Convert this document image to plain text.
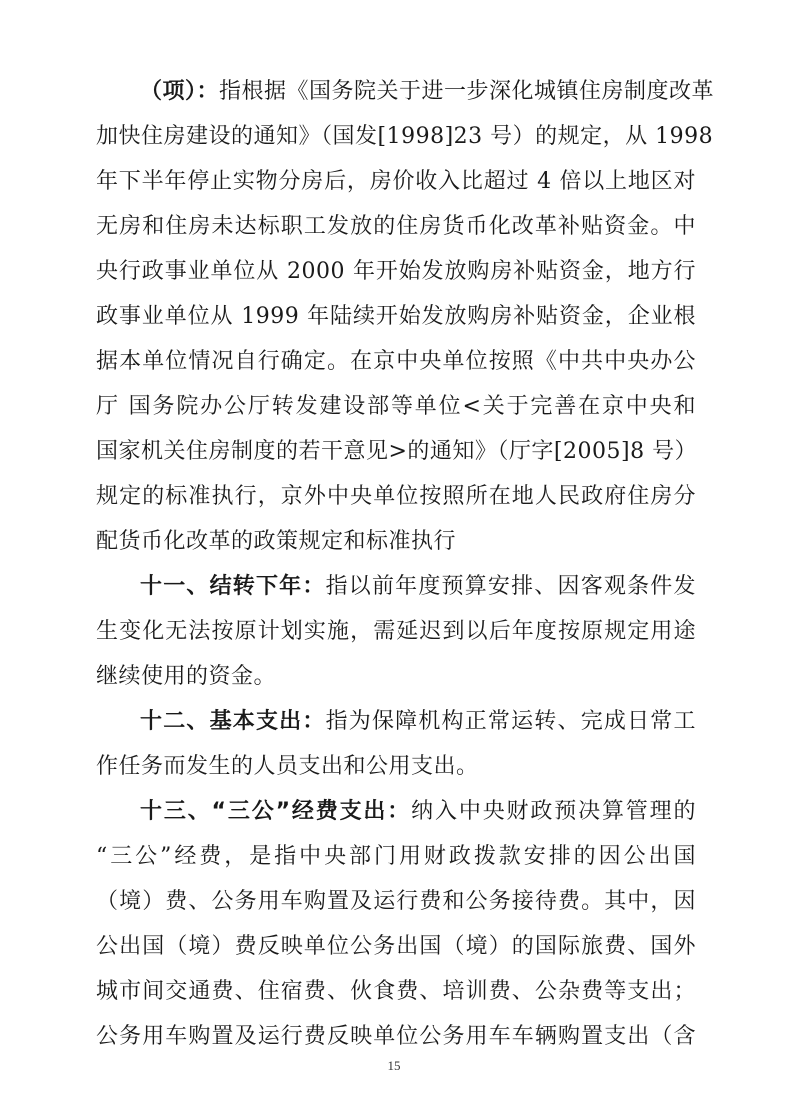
（项）：指根据《国务院关于进一步深化城镇住房制度改革
加快住房建设的通知》（国发[1998]23 号）的规定，从 1998
年下半年停止实物分房后，房价收入比超过 4 倍以上地区对
无房和住房未达标职工发放的住房货币化改革补贴资金。中
央行政事业单位从 2000 年开始发放购房补贴资金，地方行
政事业单位从 1999 年陆续开始发放购房补贴资金，企业根
据本单位情况自行确定。在京中央单位按照《中共中央办公
厅 国务院办公厅转发建设部等单位<关于完善在京中央和
国家机关住房制度的若干意见>的通知》（厅字[2005]8 号）
规定的标准执行，京外中央单位按照所在地人民政府住房分
配货币化改革的政策规定和标准执行
十一、结转下年：指以前年度预算安排、因客观条件发
生变化无法按原计划实施，需延迟到以后年度按原规定用途
继续使用的资金。
十二、基本支出：指为保障机构正常运转、完成日常工
作任务而发生的人员支出和公用支出。
十三、“三公”经费支出：纳入中央财政预决算管理的
“三公”经费，是指中央部门用财政拨款安排的因公出国
（境）费、公务用车购置及运行费和公务接待费。其中，因
公出国（境）费反映单位公务出国（境）的国际旅费、国外
城市间交通费、住宿费、伙食费、培训费、公杂费等支出；
15
公务用车购置及运行费反映单位公务用车车辆购置支出（含
